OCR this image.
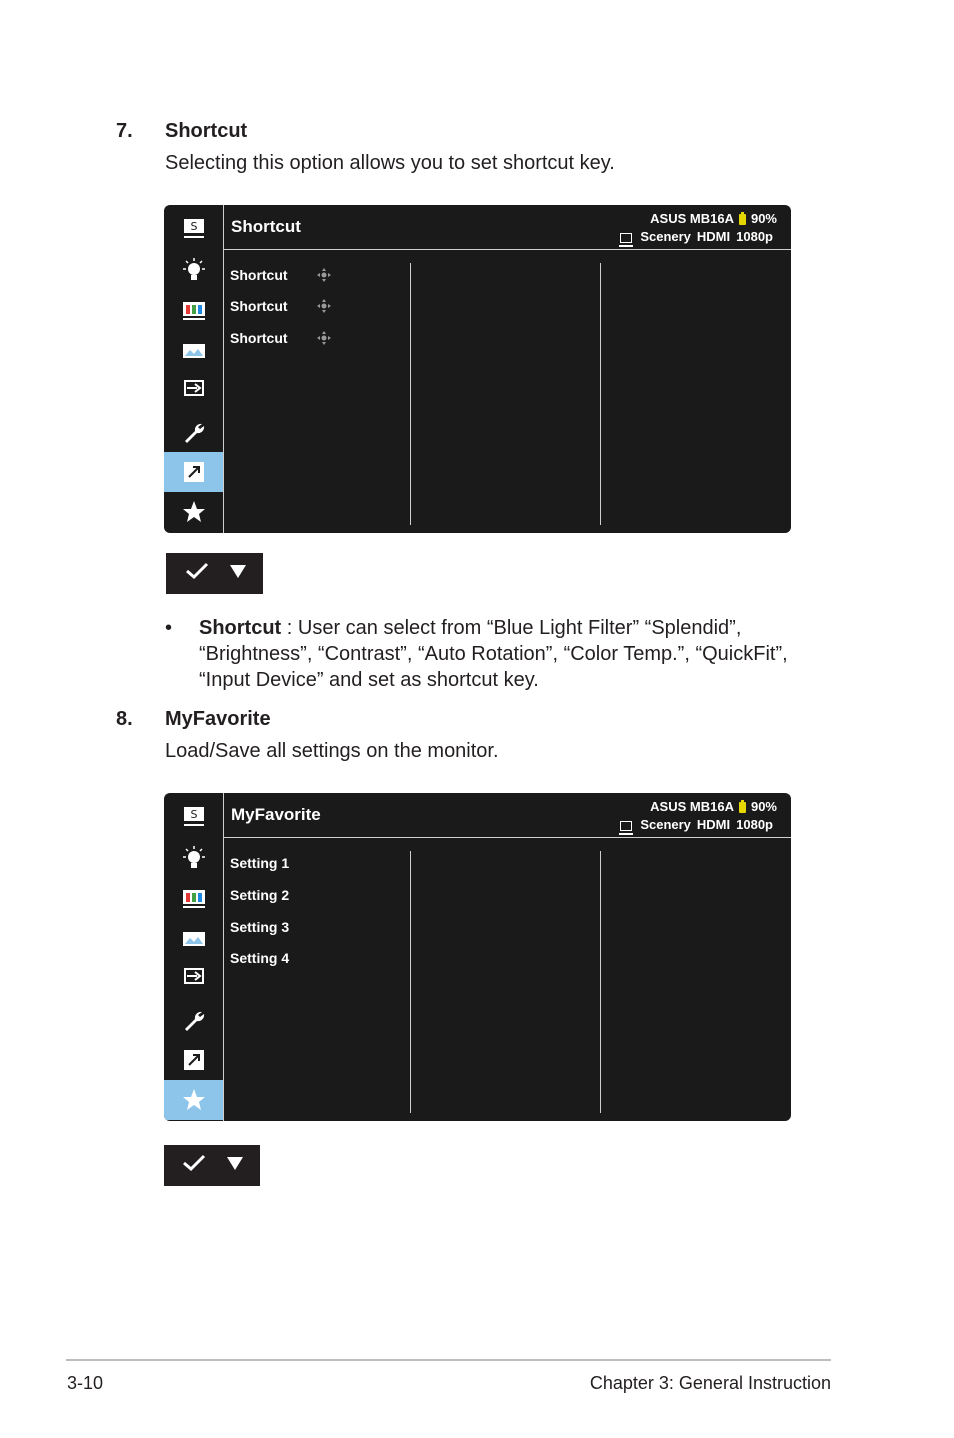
7. Shortcut
Selecting this option allows you to set shortcut key.
S Shortcut	ASUS MB16A 90%
Scenery HDMI 1080p
Shortcut
Shortcut
Shortcut
• Shortcut : User can select from “Blue Light Filter” “Splendid”, “Brightness”, “Contrast”, “Auto Rotation”, “Color Temp.”, “QuickFit”, “Input Device” and set as shortcut key.
8. MyFavorite
Load/Save all settings on the monitor.
S MyFavorite	ASUS MB16A 90%
Scenery HDMI 1080p
Setting 1
Setting 2
Setting 3
Setting 4
3-10	Chapter 3: General Instruction
